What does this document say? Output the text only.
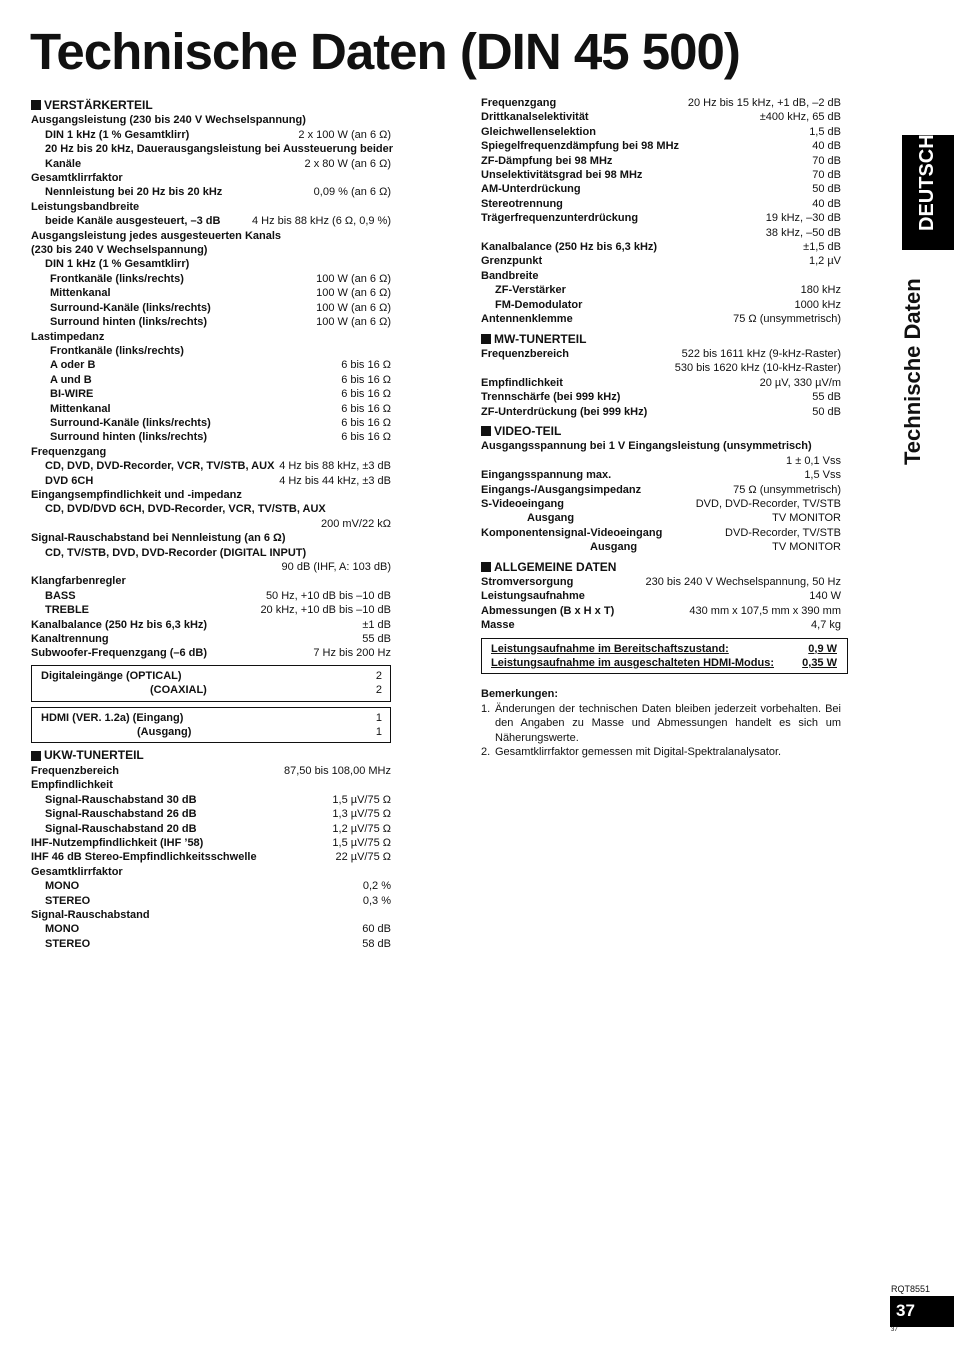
Technische Daten (DIN 45 500)
VERSTÄRKERTEIL
Ausgangsleistung (230 bis 240 V Wechselspannung)
DIN 1 kHz (1 % Gesamtklirr)	2 x 100 W (an 6 Ω)
20 Hz bis 20 kHz, Dauerausgangsleistung bei Aussteuerung beider
Kanäle	2 x 80 W (an 6 Ω)
Gesamtklirrfaktor
Nennleistung bei 20 Hz bis 20 kHz	0,09 % (an 6 Ω)
Leistungsbandbreite
beide Kanäle ausgesteuert, –3 dB	4 Hz bis 88 kHz (6 Ω, 0,9 %)
Ausgangsleistung jedes ausgesteuerten Kanals
(230 bis 240 V Wechselspannung)
DIN 1 kHz (1 % Gesamtklirr)
Frontkanäle (links/rechts)	100 W (an 6 Ω)
Mittenkanal	100 W (an 6 Ω)
Surround-Kanäle (links/rechts)	100 W (an 6 Ω)
Surround hinten (links/rechts)	100 W (an 6 Ω)
Lastimpedanz
Frontkanäle (links/rechts)
A oder B	6 bis 16 Ω
A und B	6 bis 16 Ω
BI-WIRE	6 bis 16 Ω
Mittenkanal	6 bis 16 Ω
Surround-Kanäle (links/rechts)	6 bis 16 Ω
Surround hinten (links/rechts)	6 bis 16 Ω
Frequenzgang
CD, DVD, DVD-Recorder, VCR, TV/STB, AUX 4 Hz bis 88 kHz, ±3 dB
DVD 6CH	4 Hz bis 44 kHz, ±3 dB
Eingangsempfindlichkeit und -impedanz
CD, DVD/DVD 6CH, DVD-Recorder, VCR, TV/STB, AUX
200 mV/22 kΩ
Signal-Rauschabstand bei Nennleistung (an 6 Ω)
CD, TV/STB, DVD, DVD-Recorder (DIGITAL INPUT)
90 dB (IHF, A: 103 dB)
Klangfarbenregler
BASS	50 Hz, +10 dB bis –10 dB
TREBLE	20 kHz, +10 dB bis –10 dB
Kanalbalance (250 Hz bis 6,3 kHz)	±1 dB
Kanaltrennung	55 dB
Subwoofer-Frequenzgang (–6 dB)	7 Hz bis 200 Hz
Digitaleingänge (OPTICAL)	2
(COAXIAL)	2
HDMI (VER. 1.2a) (Eingang)	1
(Ausgang)	1
UKW-TUNERTEIL
Frequenzbereich	87,50 bis 108,00 MHz
Empfindlichkeit
Signal-Rauschabstand 30 dB	1,5 µV/75 Ω
Signal-Rauschabstand 26 dB	1,3 µV/75 Ω
Signal-Rauschabstand 20 dB	1,2 µV/75 Ω
IHF-Nutzempfindlichkeit (IHF ’58)	1,5 µV/75 Ω
IHF 46 dB Stereo-Empfindlichkeitsschwelle	22 µV/75 Ω
Gesamtklirrfaktor
MONO	0,2 %
STEREO	0,3 %
Signal-Rauschabstand
MONO	60 dB
STEREO	58 dB
Frequenzgang	20 Hz bis 15 kHz, +1 dB, –2 dB
Drittkanalselektivität	±400 kHz, 65 dB
Gleichwellenselektion	1,5 dB
Spiegelfrequenzdämpfung bei 98 MHz	40 dB
ZF-Dämpfung bei 98 MHz	70 dB
Unselektivitätsgrad bei 98 MHz	70 dB
AM-Unterdrückung	50 dB
Stereotrennung	40 dB
Trägerfrequenzunterdrückung	19 kHz, –30 dB
38 kHz, –50 dB
Kanalbalance (250 Hz bis 6,3 kHz)	±1,5 dB
Grenzpunkt	1,2 µV
Bandbreite
ZF-Verstärker	180 kHz
FM-Demodulator	1000 kHz
Antennenklemme	75 Ω (unsymmetrisch)
MW-TUNERTEIL
Frequenzbereich	522 bis 1611 kHz (9-kHz-Raster)
530 bis 1620 kHz (10-kHz-Raster)
Empfindlichkeit	20 µV, 330 µV/m
Trennschärfe (bei 999 kHz)	55 dB
ZF-Unterdrückung (bei 999 kHz)	50 dB
VIDEO-TEIL
Ausgangsspannung bei 1 V Eingangsleistung (unsymmetrisch)
1 ± 0,1 Vss
Eingangsspannung max.	1,5 Vss
Eingangs-/Ausgangsimpedanz	75 Ω (unsymmetrisch)
S-Videoeingang	DVD, DVD-Recorder, TV/STB
Ausgang	TV MONITOR
Komponentensignal-Videoeingang	DVD-Recorder, TV/STB
Ausgang	TV MONITOR
ALLGEMEINE DATEN
Stromversorgung	230 bis 240 V Wechselspannung, 50 Hz
Leistungsaufnahme	140 W
Abmessungen (B x H x T)	430 mm x 107,5 mm x 390 mm
Masse	4,7 kg
Leistungsaufnahme im Bereitschaftszustand:	0,9 W
Leistungsaufnahme im ausgeschalteten HDMI-Modus:	0,35 W
Bemerkungen:
1. Änderungen der technischen Daten bleiben jederzeit vorbehalten. Bei den Angaben zu Masse und Abmessungen handelt es sich um Näherungswerte.
2. Gesamtklirrfaktor gemessen mit Digital-Spektralanalysator.
DEUTSCH
Technische Daten
RQT8551
37
37
